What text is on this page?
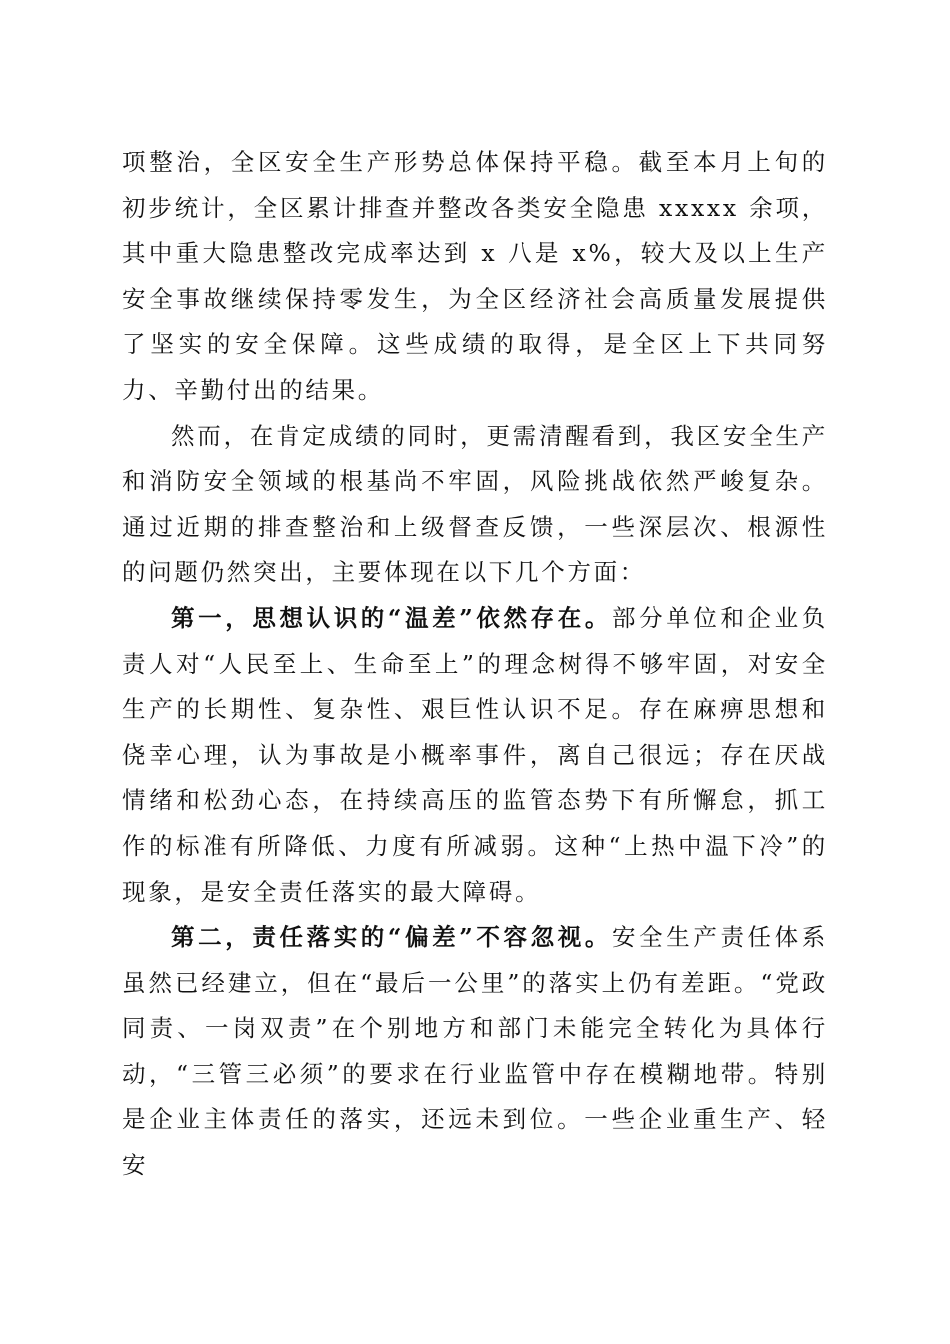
项整治，全区安全生产形势总体保持平稳。截至本月上旬的初步统计，全区累计排查并整改各类安全隐患 xxxxx 余项，其中重大隐患整改完成率达到 x 八是 x%，较大及以上生产安全事故继续保持零发生，为全区经济社会高质量发展提供了坚实的安全保障。这些成绩的取得，是全区上下共同努力、辛勤付出的结果。

然而，在肯定成绩的同时，更需清醒看到，我区安全生产和消防安全领域的根基尚不牢固，风险挑战依然严峻复杂。通过近期的排查整治和上级督查反馈，一些深层次、根源性的问题仍然突出，主要体现在以下几个方面：

第一，思想认识的“温差”依然存在。部分单位和企业负责人对“人民至上、生命至上”的理念树得不够牢固，对安全生产的长期性、复杂性、艰巨性认识不足。存在麻痹思想和侥幸心理，认为事故是小概率事件，离自己很远；存在厌战情绪和松劲心态，在持续高压的监管态势下有所懈怠，抓工作的标准有所降低、力度有所减弱。这种“上热中温下冷”的现象，是安全责任落实的最大障碍。

第二，责任落实的“偏差”不容忽视。安全生产责任体系虽然已经建立，但在“最后一公里”的落实上仍有差距。“党政同责、一岗双责”在个别地方和部门未能完全转化为具体行动，“三管三必须”的要求在行业监管中存在模糊地带。特别是企业主体责任的落实，还远未到位。一些企业重生产、轻安
